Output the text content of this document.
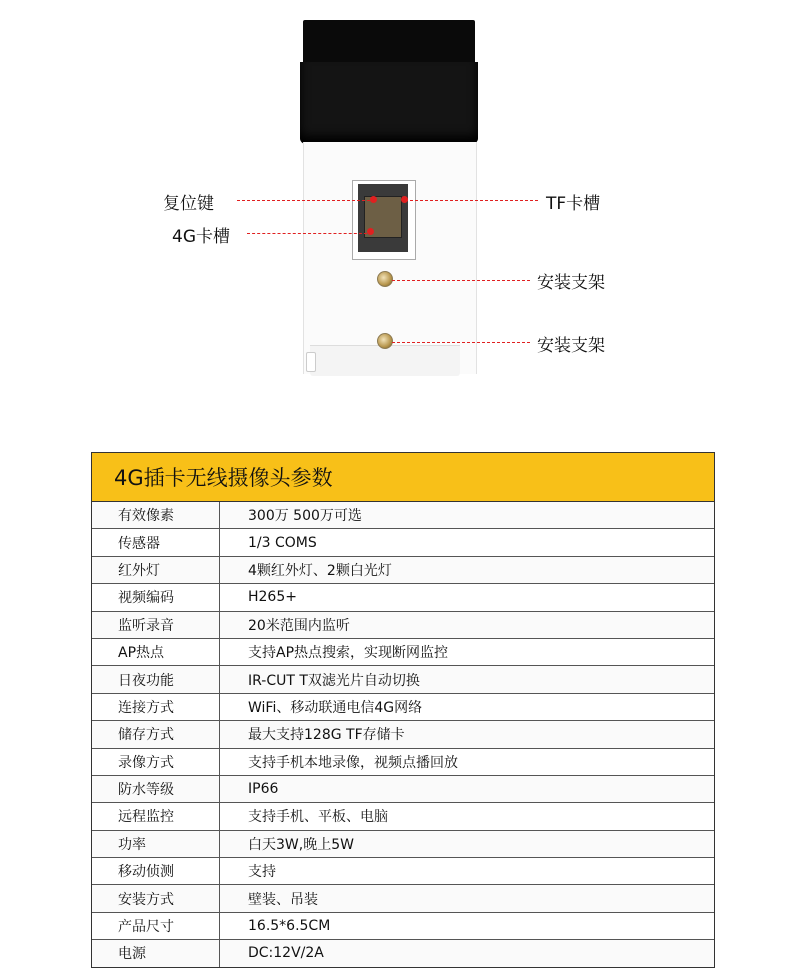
复位键
4G卡槽
TF卡槽
安装支架
安装支架
4G插卡无线摄像头参数
有效像素	300万 500万可选
传感器	1/3 COMS
红外灯	4颗红外灯、2颗白光灯
视频编码	H265+
监听录音	20米范围内监听
AP热点	支持AP热点搜索，实现断网监控
日夜功能	IR-CUT T双滤光片自动切换
连接方式	WiFi、移动联通电信4G网络
储存方式	最大支持128G TF存储卡
录像方式	支持手机本地录像，视频点播回放
防水等级	IP66
远程监控	支持手机、平板、电脑
功率	白天3W,晚上5W
移动侦测	支持
安装方式	壁装、吊装
产品尺寸	16.5*6.5CM
电源	DC:12V/2A
